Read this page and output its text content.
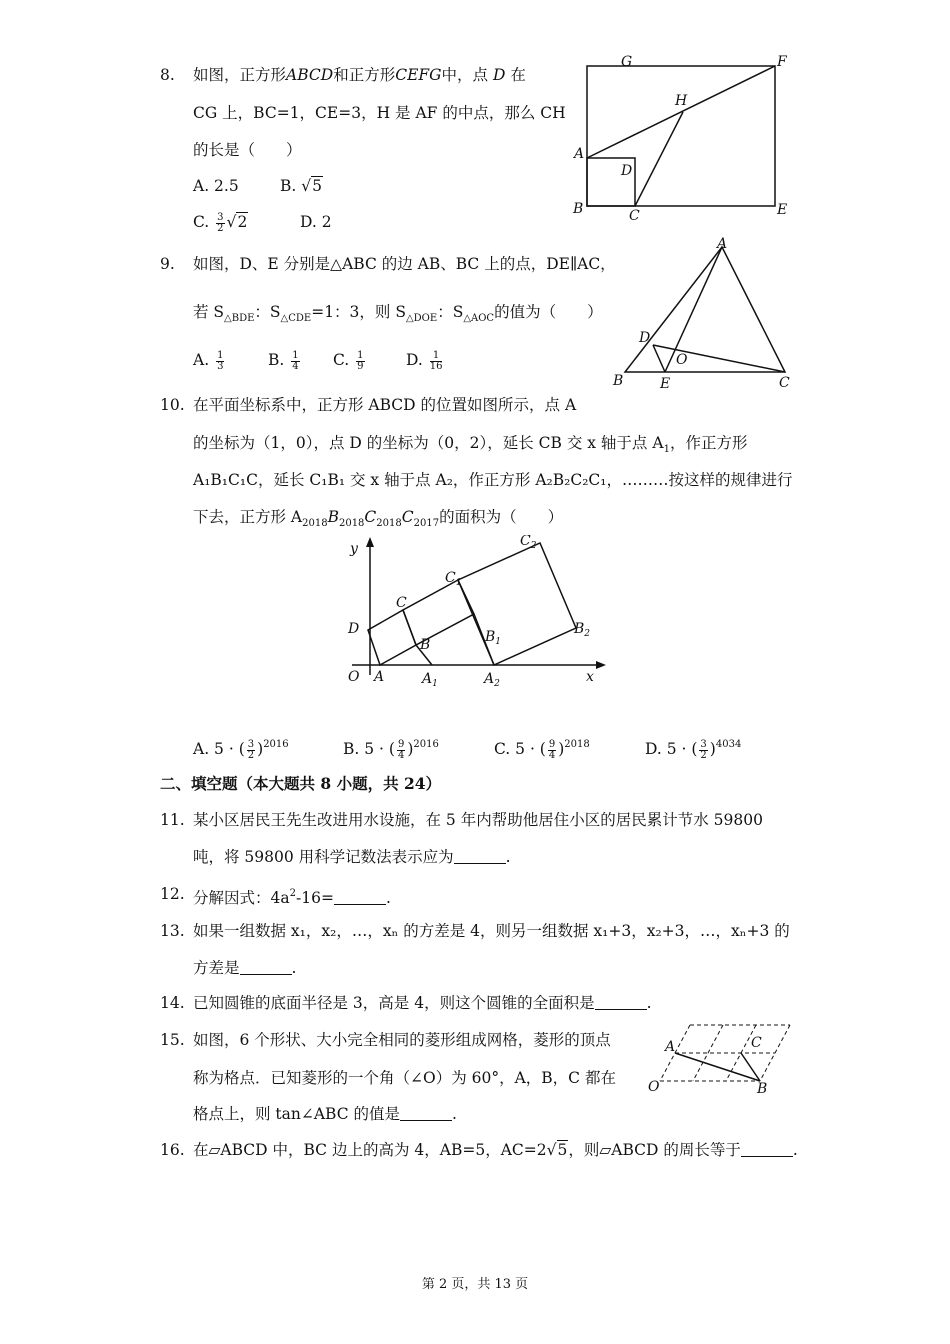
8. 如图，正方形ABCD和正方形CEFG中，点 D 在
CG 上，BC=1，CE=3，H 是 AF 的中点，那么 CH
的长是（　　）
A. 2.5	B. √5
C. $\frac{3}{2} √2$	D. 2
G	F
H
A
D
B	C	E
9. 如图，D、E 分别是△ABC 的边 AB、BC 上的点，DE∥AC，
若 $S_{\triangle BDE}$：$S_{\triangle CDE}=1$：3，则 $S_{\triangle DOE}$：$S_{\triangle AOC}$的值为（　　）
A. $\frac{1}{3}$	B. $\frac{1}{4} C$. $\frac{1}{9}$	D. $\frac{1}{16}$
A
D
O
B	E	C
10. 在平面坐标系中，正方形 ABCD 的位置如图所示，点 A
的坐标为（1，0），点 D 的坐标为（0，2），延长 CB 交 x 轴于点 $A_1$，作正方形
A₁B₁C₁C，延长 C₁B₁ 交 x 轴于点 A₂，作正方形 A₂B₂C₂C₁，………按这样的规律进行
下去，正方形 $A_{2018}B_{2018}C_{2018}C_{2017}$的面积为（　　）
y
x
O A	$A_1$	$A_2$
B	$B_1$
$B_2$
C
$C_1$
$C_2$
D
A. 5 · ( $\frac{3}{2} )^{2016}$	B. 5 · ( $\frac{9}{4} )^{2016}$	C. 5 · ( $\frac{9}{4} )^{2018}$	D. 5 · ( $\frac{3}{2} )^{4034}$
二、填空题（本大题共 8 小题，共 24）
11. 某小区居民王先生改进用水设施，在 5 年内帮助他居住小区的居民累计节水 59800
吨，将 59800 用科学记数法表示应为	.
12. 分解因式：$4a^2-16=$	.
13. 如果一组数据 x₁，x₂，…，xₙ 的方差是 4，则另一组数据 x₁+3，x₂+3，…，xₙ+3 的
方差是	.
14. 已知圆锥的底面半径是 3，高是 4，则这个圆锥的全面积是	.
15. 如图，6 个形状、大小完全相同的菱形组成网格，菱形的顶点
称为格点．已知菱形的一个角（∠O）为 60°，A，B，C 都在
格点上，则 tan∠ABC 的值是	.
A	C
O	B
16. 在▱ABCD 中，BC 边上的高为 4，AB=5，AC=2√5，则▱ABCD 的周长等于	.
第 2 页，共 13 页
